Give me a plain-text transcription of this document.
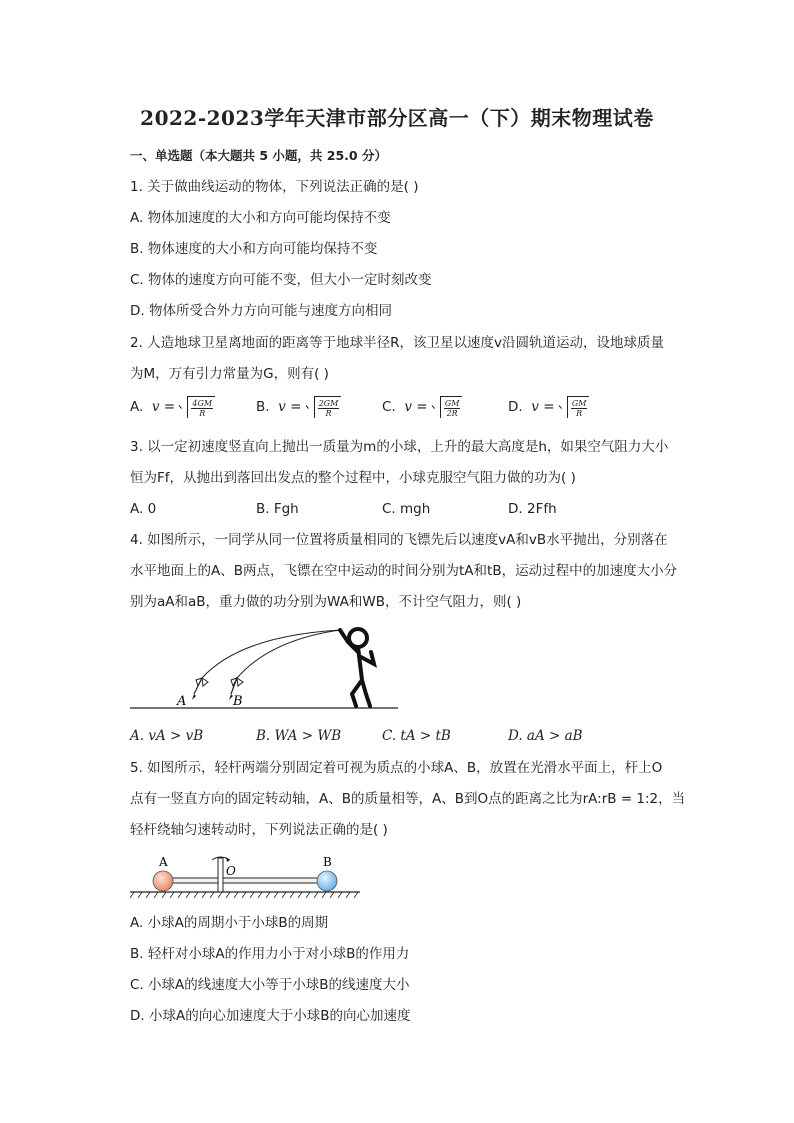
2022-2023学年天津市部分区高一（下）期末物理试卷
一、单选题（本大题共 5 小题，共 25.0 分）
1. 关于做曲线运动的物体，下列说法正确的是( )
A. 物体加速度的大小和方向可能均保持不变
B. 物体速度的大小和方向可能均保持不变
C. 物体的速度方向可能不变，但大小一定时刻改变
D. 物体所受合外力方向可能与速度方向相同
2. 人造地球卫星离地面的距离等于地球半径R，该卫星以速度v沿圆轨道运动，设地球质量
为M，万有引力常量为G，则有( )
A. $v = \frac{4GM}{R}$	B. $v = \frac{2GM}{R}$	C. $v = \frac{GM}{2R}$	D. $v = \frac{GM}{R}$
3. 以一定初速度竖直向上抛出一质量为m的小球，上升的最大高度是h，如果空气阻力大小
恒为Ff，从抛出到落回出发点的整个过程中，小球克服空气阻力做的功为( )
A. 0	B. Fgh	C. mgh	D. 2Ffh
4. 如图所示，一同学从同一位置将质量相同的飞镖先后以速度vA和vB水平抛出，分别落在
水平地面上的A、B两点，飞镖在空中运动的时间分别为tA和tB，运动过程中的加速度大小分
别为aA和aB，重力做的功分别为WA和WB，不计空气阻力，则( )
A	B
A. vA > vB	B. WA > WB	C. tA > tB	D. aA > aB
5. 如图所示，轻杆两端分别固定着可视为质点的小球A、B，放置在光滑水平面上，杆上O
点有一竖直方向的固定转动轴，A、B的质量相等，A、B到O点的距离之比为rA:rB = 1:2，当
轻杆绕轴匀速转动时，下列说法正确的是( )
A	B
O
A. 小球A的周期小于小球B的周期
B. 轻杆对小球A的作用力小于对小球B的作用力
C. 小球A的线速度大小等于小球B的线速度大小
D. 小球A的向心加速度大于小球B的向心加速度
